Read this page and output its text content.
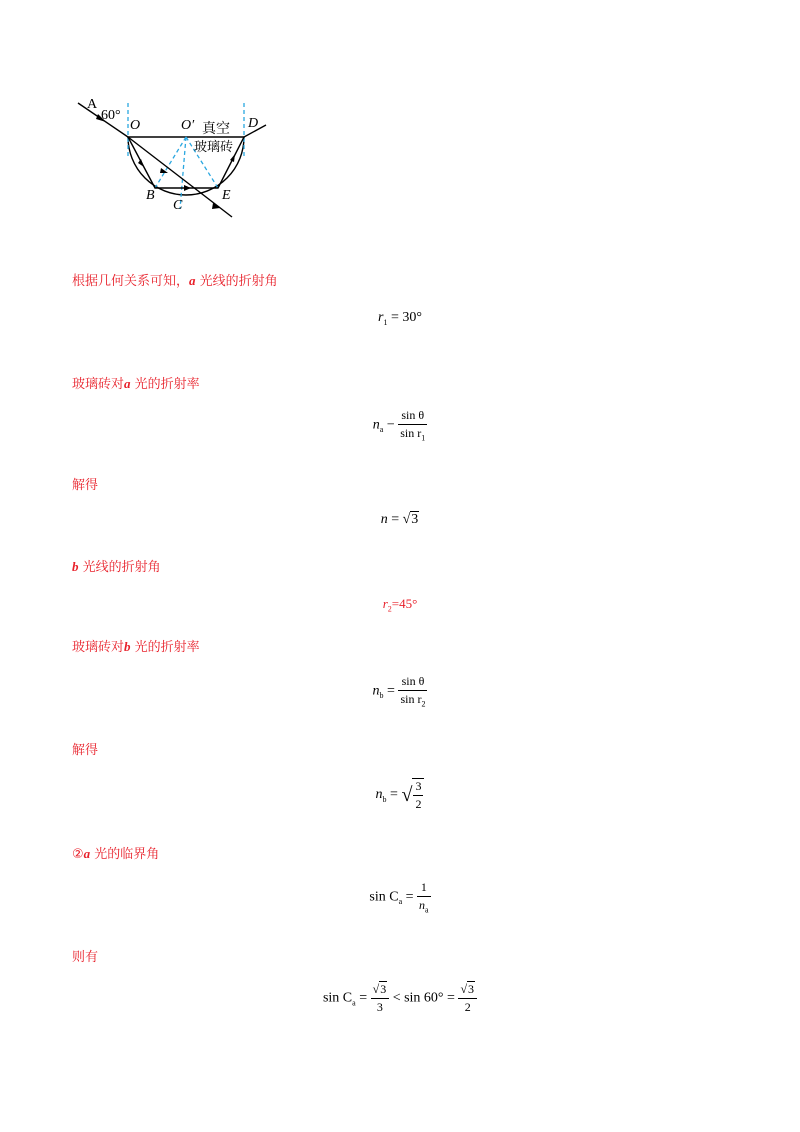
A
60°
O	O′ 真空
玻璃砖
D
B
C
E
根据几何关系可知，a 光线的折射角
$r_1 = 30^\circ$
玻璃砖对a 光的折射率
$n_a - \frac{\text{sin θ}}{\sin r_1}$
解得
n = √3
b 光线的折射角
$r_2=45^\circ$
玻璃砖对b 光的折射率
$n_b = \frac{\text{sin θ}}{\sin r_2}$
解得
$n_b$ = √ $\frac{3}{2}$
②a 光的临界角
$\sin C_a = \frac{1}{n_a}$
则有
$\sin C_a = \frac{√3}{3} < \sin 60^\circ = \frac{√3}{2}$
